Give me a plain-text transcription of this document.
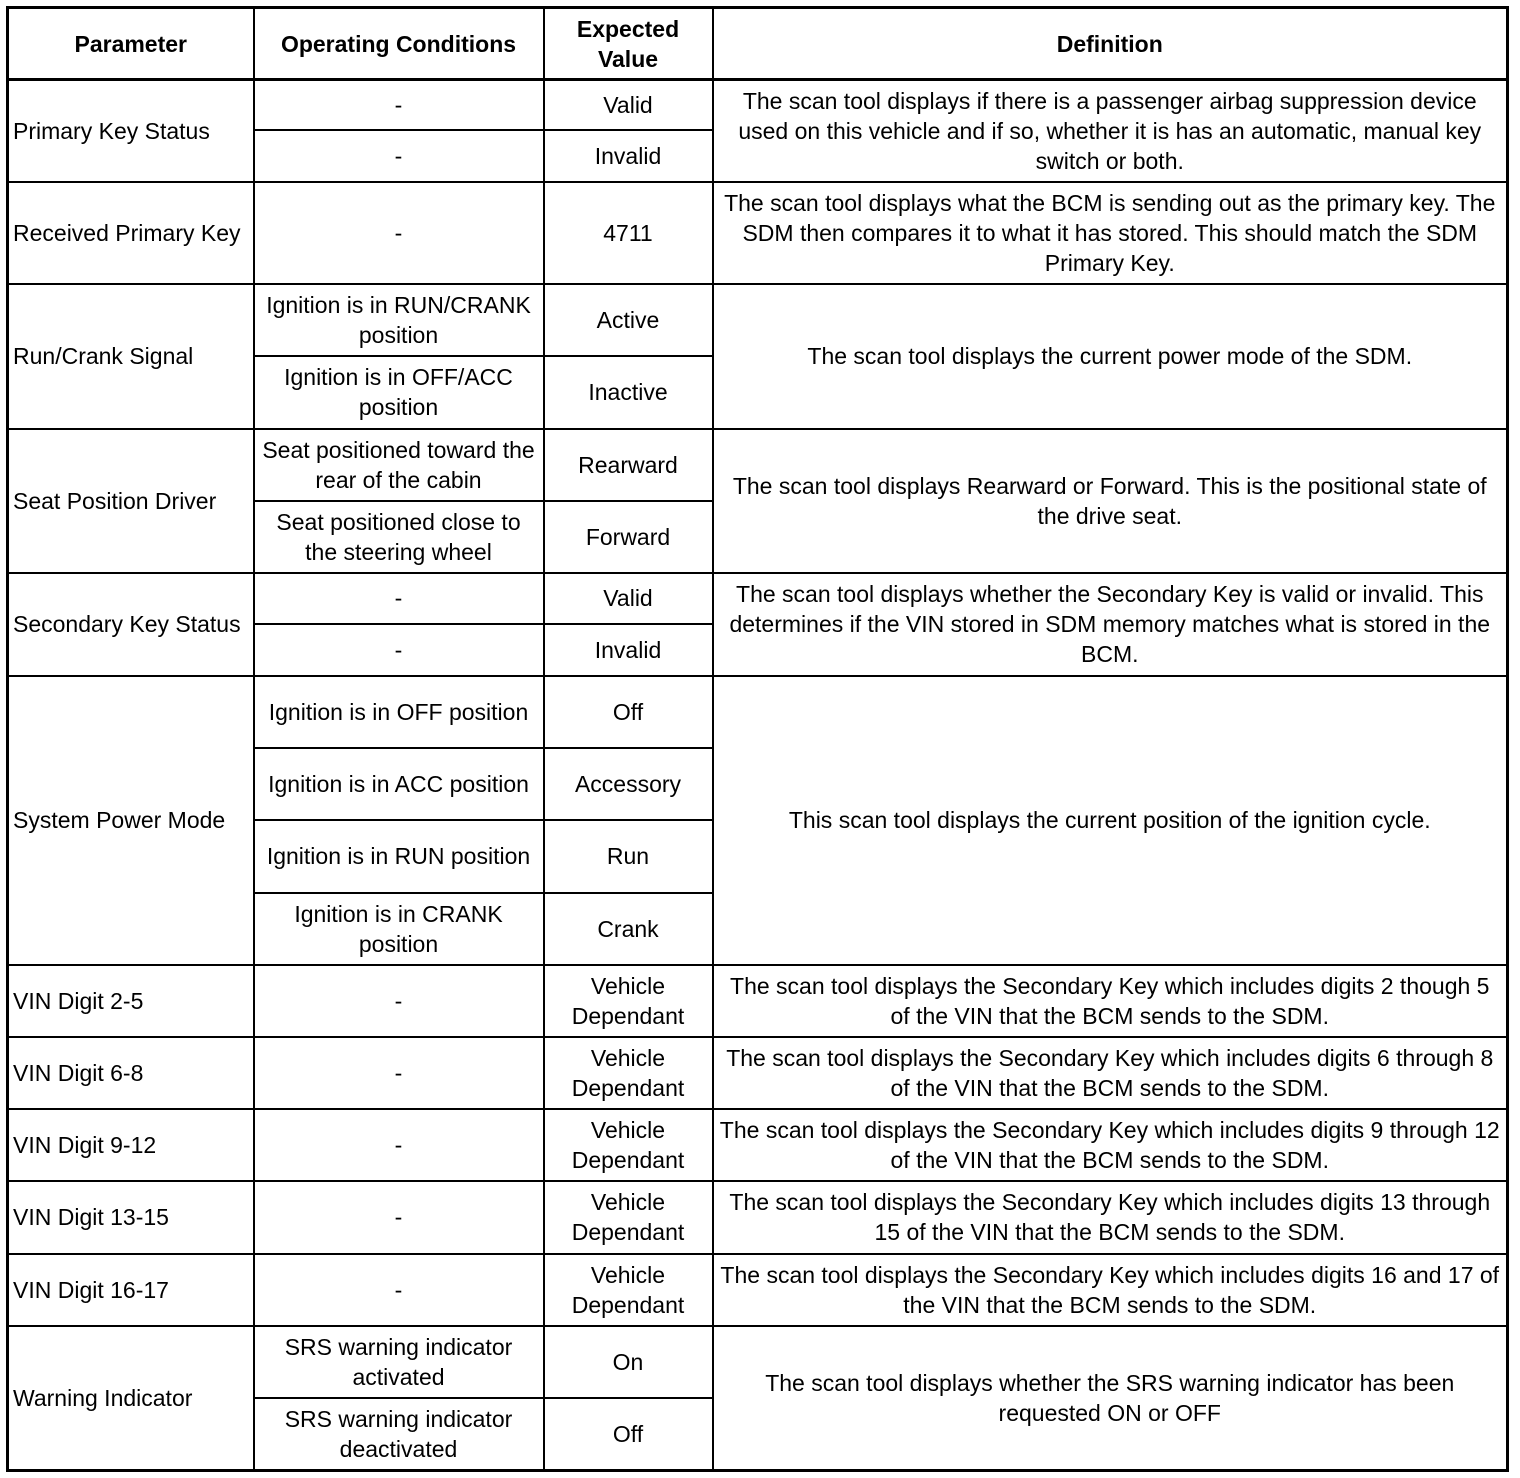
Parameter	Operating Conditions	Expected Value	Definition
Primary Key Status	-	Valid	The scan tool displays if there is a passenger airbag suppression device used on this vehicle and if so, whether it is has an automatic, manual key switch or both.
	-	Invalid	
Received Primary Key	-	4711	The scan tool displays what the BCM is sending out as the primary key. The SDM then compares it to what it has stored. This should match the SDM Primary Key.
Run/Crank Signal	Ignition is in RUN/CRANK position	Active	The scan tool displays the current power mode of the SDM.
	Ignition is in OFF/ACC position	Inactive	
Seat Position Driver	Seat positioned toward the rear of the cabin	Rearward	The scan tool displays Rearward or Forward. This is the positional state of the drive seat.
	Seat positioned close to the steering wheel	Forward	
Secondary Key Status	-	Valid	The scan tool displays whether the Secondary Key is valid or invalid. This determines if the VIN stored in SDM memory matches what is stored in the BCM.
	-	Invalid	
System Power Mode	Ignition is in OFF position	Off	This scan tool displays the current position of the ignition cycle.
	Ignition is in ACC position	Accessory	
	Ignition is in RUN position	Run	
	Ignition is in CRANK position	Crank	
VIN Digit 2-5	-	Vehicle Dependant	The scan tool displays the Secondary Key which includes digits 2 though 5 of the VIN that the BCM sends to the SDM.
VIN Digit 6-8	-	Vehicle Dependant	The scan tool displays the Secondary Key which includes digits 6 through 8 of the VIN that the BCM sends to the SDM.
VIN Digit 9-12	-	Vehicle Dependant	The scan tool displays the Secondary Key which includes digits 9 through 12 of the VIN that the BCM sends to the SDM.
VIN Digit 13-15	-	Vehicle Dependant	The scan tool displays the Secondary Key which includes digits 13 through 15 of the VIN that the BCM sends to the SDM.
VIN Digit 16-17	-	Vehicle Dependant	The scan tool displays the Secondary Key which includes digits 16 and 17 of the VIN that the BCM sends to the SDM.
Warning Indicator	SRS warning indicator activated	On	The scan tool displays whether the SRS warning indicator has been requested ON or OFF
	SRS warning indicator deactivated	Off	
